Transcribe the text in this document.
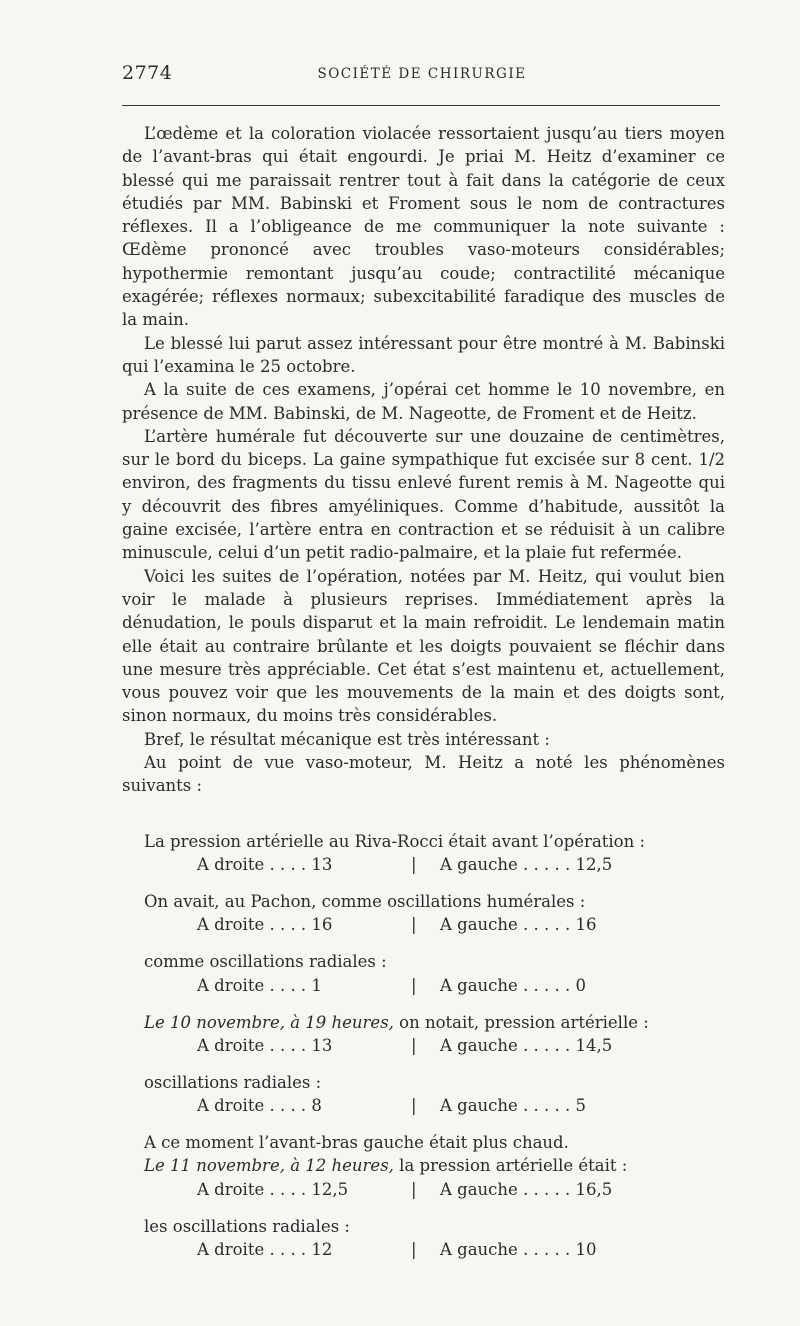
2774	SOCIÉTÉ DE CHIRURGIE

L’œdème et la coloration violacée ressortaient jusqu’au tiers moyen de l’avant-bras qui était engourdi. Je priai M. Heitz d’examiner ce blessé qui me paraissait rentrer tout à fait dans la catégorie de ceux étudiés par MM. Babinski et Froment sous le nom de contractures réflexes. Il a l’obligeance de me communiquer la note suivante : Œdème prononcé avec troubles vaso-moteurs considérables; hypothermie remontant jusqu’au coude; contractilité mécanique exagérée; réflexes normaux; subexcitabilité faradique des muscles de la main.

Le blessé lui parut assez intéressant pour être montré à M. Babinski qui l’examina le 25 octobre.

A la suite de ces examens, j’opérai cet homme le 10 novembre, en présence de MM. Babinski, de M. Nageotte, de Froment et de Heitz.

L’artère humérale fut découverte sur une douzaine de centimètres, sur le bord du biceps. La gaine sympathique fut excisée sur 8 cent. 1/2 environ, des fragments du tissu enlevé furent remis à M. Nageotte qui y découvrit des fibres amyéliniques. Comme d’habitude, aussitôt la gaine excisée, l’artère entra en contraction et se réduisit à un calibre minuscule, celui d’un petit radio-palmaire, et la plaie fut refermée.

Voici les suites de l’opération, notées par M. Heitz, qui voulut bien voir le malade à plusieurs reprises. Immédiatement après la dénudation, le pouls disparut et la main refroidit. Le lendemain matin elle était au contraire brûlante et les doigts pouvaient se fléchir dans une mesure très appréciable. Cet état s’est maintenu et, actuellement, vous pouvez voir que les mouvements de la main et des doigts sont, sinon normaux, du moins très considérables.

Bref, le résultat mécanique est très intéressant :

Au point de vue vaso-moteur, M. Heitz a noté les phénomènes suivants :

La pression artérielle au Riva-Rocci était avant l’opération :

A droite . . . . 13	| A gauche . . . . . 12,5

On avait, au Pachon, comme oscillations humérales :

A droite . . . . 16	| A gauche . . . . . 16

comme oscillations radiales :

A droite . . . . 1	| A gauche . . . . . 0

Le 10 novembre, à 19 heures, on notait, pression artérielle :

A droite . . . . 13	| A gauche . . . . . 14,5

oscillations radiales :

A droite . . . . 8	| A gauche . . . . . 5

A ce moment l’avant-bras gauche était plus chaud.

Le 11 novembre, à 12 heures, la pression artérielle était :

A droite . . . . 12,5	| A gauche . . . . . 16,5

les oscillations radiales :

A droite . . . . 12	| A gauche . . . . . 10
